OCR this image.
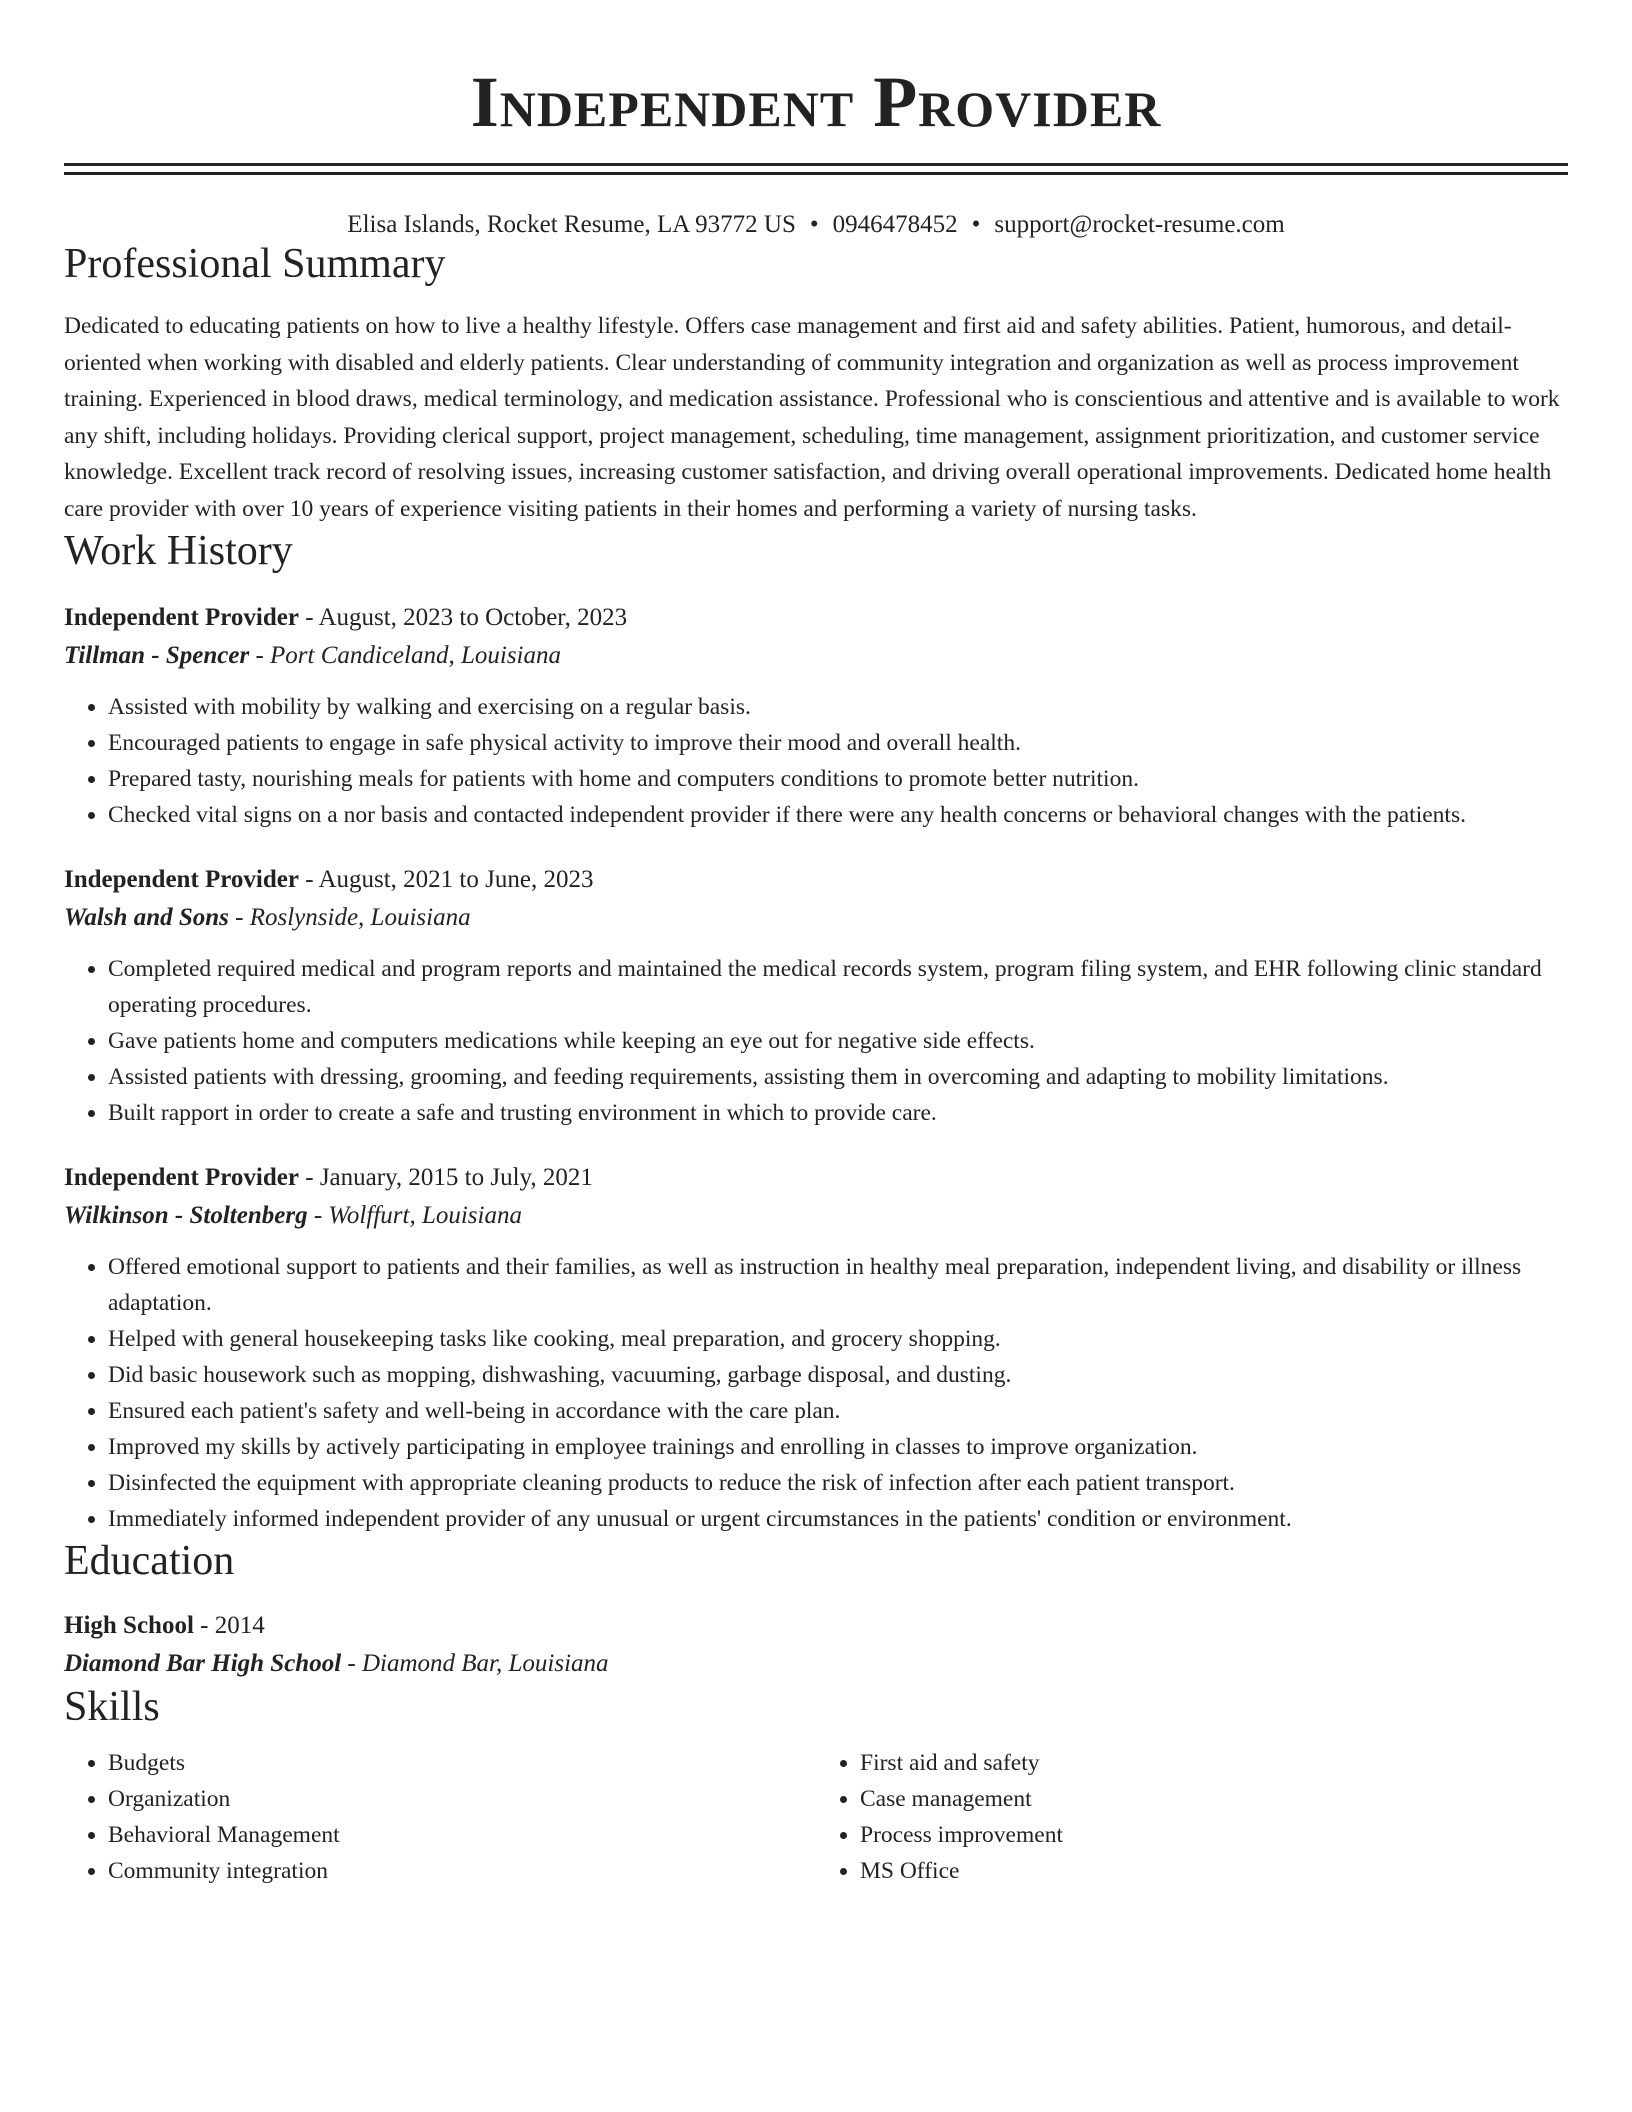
Independent Provider
Elisa Islands, Rocket Resume, LA 93772 US • 0946478452 • support@rocket-resume.com
Professional Summary

Dedicated to educating patients on how to live a healthy lifestyle. Offers case management and first aid and safety abilities. Patient, humorous, and detail-oriented when working with disabled and elderly patients. Clear understanding of community integration and organization as well as process improvement training. Experienced in blood draws, medical terminology, and medication assistance. Professional who is conscientious and attentive and is available to work any shift, including holidays. Providing clerical support, project management, scheduling, time management, assignment prioritization, and customer service knowledge. Excellent track record of resolving issues, increasing customer satisfaction, and driving overall operational improvements. Dedicated home health care provider with over 10 years of experience visiting patients in their homes and performing a variety of nursing tasks.

Work History
Independent Provider - August, 2023 to October, 2023
Tillman - Spencer - Port Candiceland, Louisiana
• Assisted with mobility by walking and exercising on a regular basis.
• Encouraged patients to engage in safe physical activity to improve their mood and overall health.
• Prepared tasty, nourishing meals for patients with home and computers conditions to promote better nutrition.
• Checked vital signs on a nor basis and contacted independent provider if there were any health concerns or behavioral changes with the patients.
Independent Provider - August, 2021 to June, 2023
Walsh and Sons - Roslynside, Louisiana
• Completed required medical and program reports and maintained the medical records system, program filing system, and EHR following clinic standard operating procedures.
• Gave patients home and computers medications while keeping an eye out for negative side effects.
• Assisted patients with dressing, grooming, and feeding requirements, assisting them in overcoming and adapting to mobility limitations.
• Built rapport in order to create a safe and trusting environment in which to provide care.
Independent Provider - January, 2015 to July, 2021
Wilkinson - Stoltenberg - Wolffurt, Louisiana
• Offered emotional support to patients and their families, as well as instruction in healthy meal preparation, independent living, and disability or illness adaptation.
• Helped with general housekeeping tasks like cooking, meal preparation, and grocery shopping.
• Did basic housework such as mopping, dishwashing, vacuuming, garbage disposal, and dusting.
• Ensured each patient's safety and well-being in accordance with the care plan.
• Improved my skills by actively participating in employee trainings and enrolling in classes to improve organization.
• Disinfected the equipment with appropriate cleaning products to reduce the risk of infection after each patient transport.
• Immediately informed independent provider of any unusual or urgent circumstances in the patients' condition or environment.
Education
High School - 2014
Diamond Bar High School - Diamond Bar, Louisiana
Skills
• Budgets
• Organization
• Behavioral Management
• Community integration
• First aid and safety
• Case management
• Process improvement
• MS Office
